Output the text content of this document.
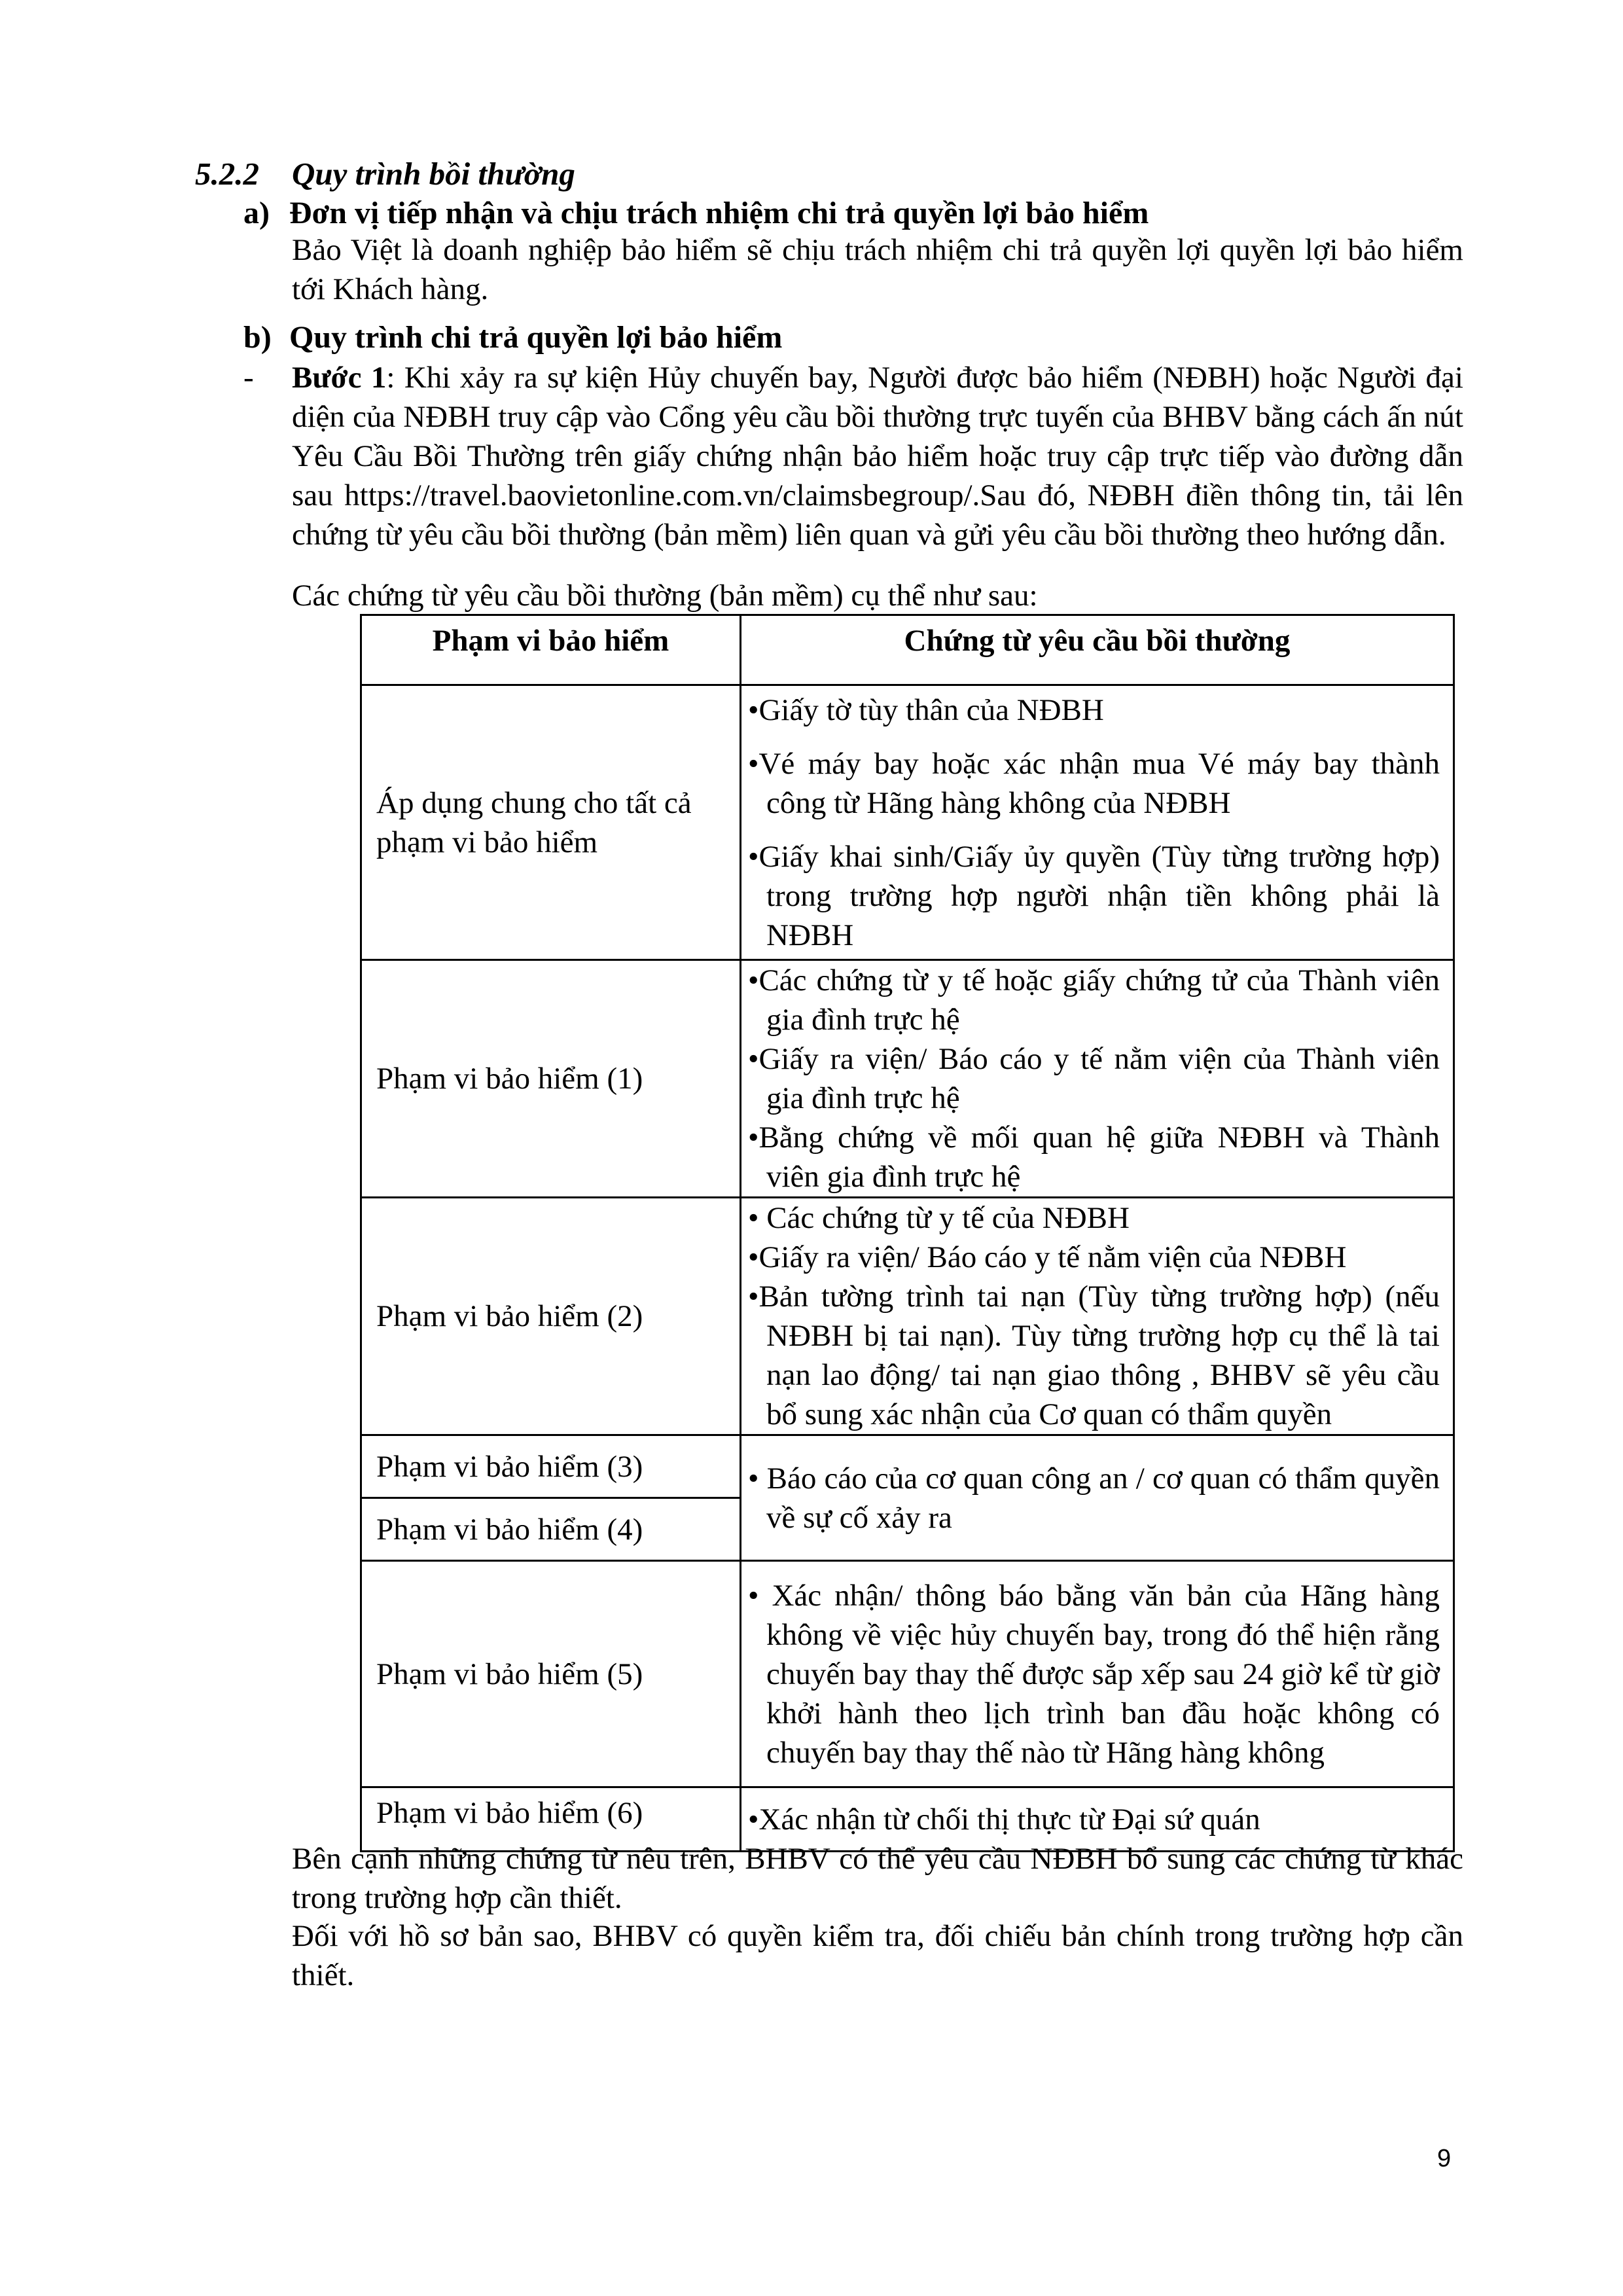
5.2.2 Quy trình bồi thường
a) Đơn vị tiếp nhận và chịu trách nhiệm chi trả quyền lợi bảo hiểm
Bảo Việt là doanh nghiệp bảo hiểm sẽ chịu trách nhiệm chi trả quyền lợi quyền lợi bảo hiểm tới Khách hàng.
b) Quy trình chi trả quyền lợi bảo hiểm
- Bước 1: Khi xảy ra sự kiện Hủy chuyến bay, Người được bảo hiểm (NĐBH) hoặc Người đại diện của NĐBH truy cập vào Cổng yêu cầu bồi thường trực tuyến của BHBV bằng cách ấn nút Yêu Cầu Bồi Thường trên giấy chứng nhận bảo hiểm hoặc truy cập trực tiếp vào đường dẫn sau https://travel.baovietonline.com.vn/claimsbegroup/.Sau đó, NĐBH điền thông tin, tải lên chứng từ yêu cầu bồi thường (bản mềm) liên quan và gửi yêu cầu bồi thường theo hướng dẫn.
Các chứng từ yêu cầu bồi thường (bản mềm) cụ thể như sau:
Phạm vi bảo hiểm	Chứng từ yêu cầu bồi thường
Áp dụng chung cho tất cả phạm vi bảo hiểm	•Giấy tờ tùy thân của NĐBH
•Vé máy bay hoặc xác nhận mua Vé máy bay thành công từ Hãng hàng không của NĐBH
•Giấy khai sinh/Giấy ủy quyền (Tùy từng trường hợp) trong trường hợp người nhận tiền không phải là NĐBH

Phạm vi bảo hiểm (1)	•Các chứng từ y tế hoặc giấy chứng tử của Thành viên gia đình trực hệ
•Giấy ra viện/ Báo cáo y tế nằm viện của Thành viên gia đình trực hệ
•Bằng chứng về mối quan hệ giữa NĐBH và Thành viên gia đình trực hệ

Phạm vi bảo hiểm (2)	• Các chứng từ y tế của NĐBH
•Giấy ra viện/ Báo cáo y tế nằm viện của NĐBH
•Bản tường trình tai nạn (Tùy từng trường hợp) (nếu NĐBH bị tai nạn). Tùy từng trường hợp cụ thể là tai nạn lao động/ tai nạn giao thông , BHBV sẽ yêu cầu bổ sung xác nhận của Cơ quan có thẩm quyền

Phạm vi bảo hiểm (3)	• Báo cáo của cơ quan công an / cơ quan có thẩm quyền về sự cố xảy ra

Phạm vi bảo hiểm (4)	
Phạm vi bảo hiểm (5)	• Xác nhận/ thông báo bằng văn bản của Hãng hàng không về việc hủy chuyến bay, trong đó thể hiện rằng chuyến bay thay thế được sắp xếp sau 24 giờ kể từ giờ khởi hành theo lịch trình ban đầu hoặc không có chuyến bay thay thế nào từ Hãng hàng không

Phạm vi bảo hiểm (6)	•Xác nhận từ chối thị thực từ Đại sứ quán
Bên cạnh những chứng từ nêu trên, BHBV có thể yêu cầu NĐBH bổ sung các chứng từ khác trong trường hợp cần thiết.
Đối với hồ sơ bản sao, BHBV có quyền kiểm tra, đối chiếu bản chính trong trường hợp cần thiết.
9
